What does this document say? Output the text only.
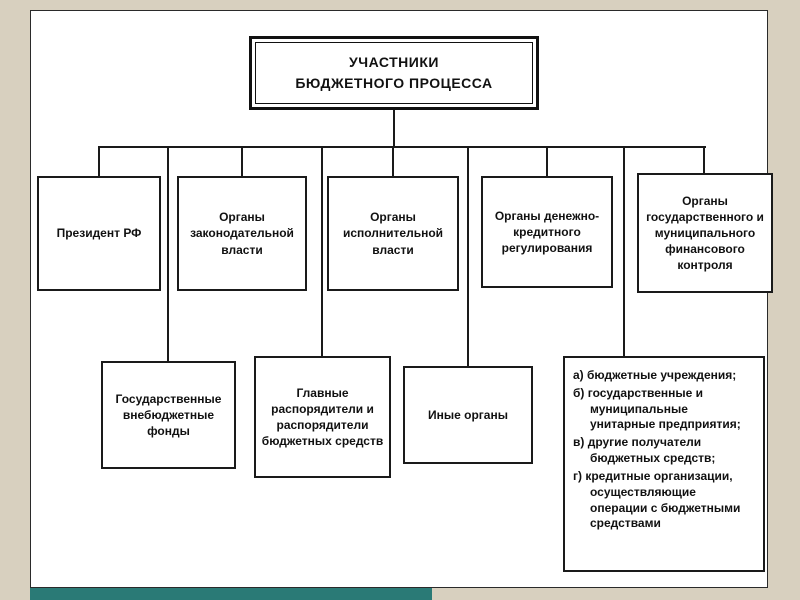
УЧАСТНИКИ
БЮДЖЕТНОГО ПРОЦЕССА
Президент РФ
Органы законодательной власти
Органы исполнительной власти
Органы денежно-кредитного регулирования
Органы государственного и муниципального финансового контроля
Государственные внебюджетные фонды
Главные распорядители и распорядители бюджетных средств
Иные органы
а) бюджетные учреждения;
б) государственные и муниципальные унитарные предприятия;
в) другие получатели бюджетных средств;
г) кредитные организации, осуществляющие операции с бюджетными средствами
